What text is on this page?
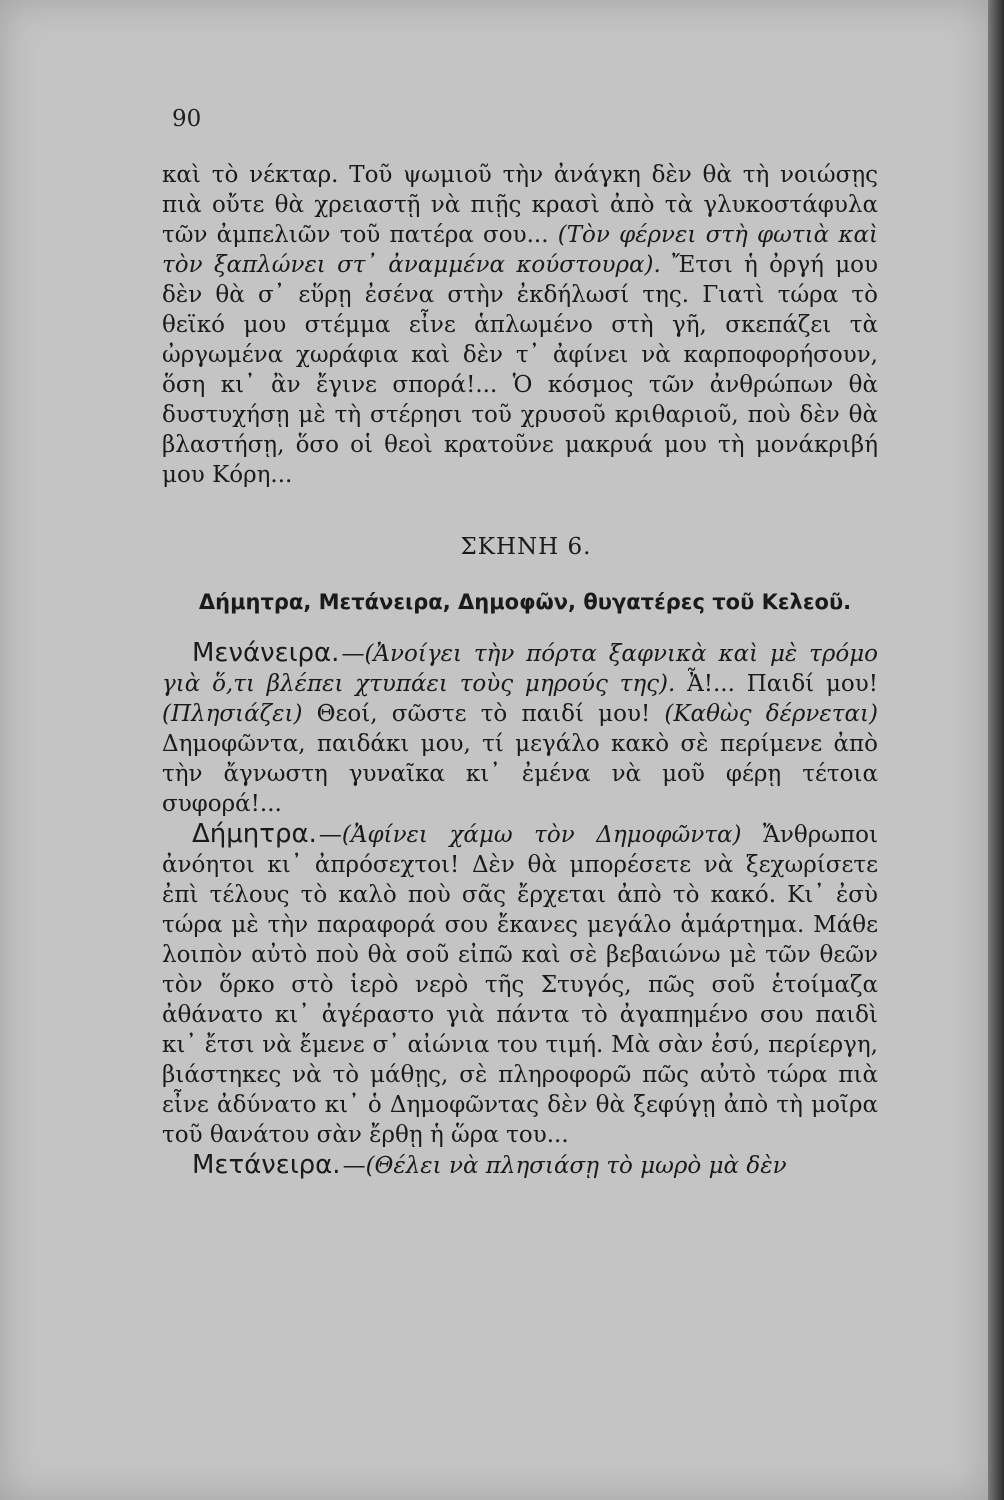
90

καὶ τὸ νέκταρ. Τοῦ ψωμιοῦ τὴν ἀνάγκη δὲν θὰ τὴ νοιώσῃς πιὰ οὔτε θὰ χρειαστῇ νὰ πιῇς κρασὶ ἀπὸ τὰ γλυκοστάφυλα τῶν ἀμπελιῶν τοῦ πατέρα σου... (Τὸν φέρνει στὴ φωτιὰ καὶ τὸν ξαπλώνει στ᾿ ἀναμμένα κούστουρα). Ἔτσι ἡ ὀργή μου δὲν θὰ σ᾿ εὕρῃ ἐσένα στὴν ἐκδήλωσί της. Γιατὶ τώρα τὸ θεϊκό μου στέμμα εἶνε ἁπλωμένο στὴ γῆ, σκεπάζει τὰ ὠργωμένα χωράφια καὶ δὲν τ᾿ ἀφίνει νὰ καρποφορήσουν, ὅση κι᾿ ἂν ἔγινε σπορά!... Ὁ κόσμος τῶν ἀνθρώπων θὰ δυστυχήσῃ μὲ τὴ στέρησι τοῦ χρυσοῦ κριθαριοῦ, ποὺ δὲν θὰ βλαστήσῃ, ὅσο οἱ θεοὶ κρατοῦνε μακρυά μου τὴ μονάκριβή μου Κόρη...

ΣΚΗΝΗ 6.

Δήμητρα, Μετάνειρα, Δημοφῶν, θυγατέρες τοῦ Κελεοῦ.

Μενάνειρα.—(Ἀνοίγει τὴν πόρτα ξαφνικὰ καὶ μὲ τρόμο γιὰ ὅ,τι βλέπει χτυπάει τοὺς μηρούς της). Ἆ!... Παιδί μου! (Πλησιάζει) Θεοί, σῶστε τὸ παιδί μου! (Καθὼς δέρνεται) Δημοφῶντα, παιδάκι μου, τί μεγάλο κακὸ σὲ περίμενε ἀπὸ τὴν ἄγνωστη γυναῖκα κι᾿ ἐμένα νὰ μοῦ φέρῃ τέτοια συφορά!...

Δήμητρα.—(Ἀφίνει χάμω τὸν Δημοφῶντα) Ἄνθρωποι ἀνόητοι κι᾿ ἀπρόσεχτοι! Δὲν θὰ μπορέσετε νὰ ξεχωρίσετε ἐπὶ τέλους τὸ καλὸ ποὺ σᾶς ἔρχεται ἀπὸ τὸ κακό. Κι᾿ ἐσὺ τώρα μὲ τὴν παραφορά σου ἔκανες μεγάλο ἁμάρτημα. Μάθε λοιπὸν αὐτὸ ποὺ θὰ σοῦ εἰπῶ καὶ σὲ βεβαιώνω μὲ τῶν θεῶν τὸν ὅρκο στὸ ἱερὸ νερὸ τῆς Στυγός, πῶς σοῦ ἑτοίμαζα ἀθάνατο κι᾿ ἀγέραστο γιὰ πάντα τὸ ἀγαπημένο σου παιδὶ κι᾿ ἔτσι νὰ ἔμενε σ᾿ αἰώνια του τιμή. Μὰ σὰν ἐσύ, περίεργη, βιάστηκες νὰ τὸ μάθῃς, σὲ πληροφορῶ πῶς αὐτὸ τώρα πιὰ εἶνε ἀδύνατο κι᾿ ὁ Δημοφῶντας δὲν θὰ ξεφύγῃ ἀπὸ τὴ μοῖρα τοῦ θανάτου σὰν ἔρθῃ ἡ ὥρα του...

Μετάνειρα.—(Θέλει νὰ πλησιάσῃ τὸ μωρὸ μὰ δὲν
